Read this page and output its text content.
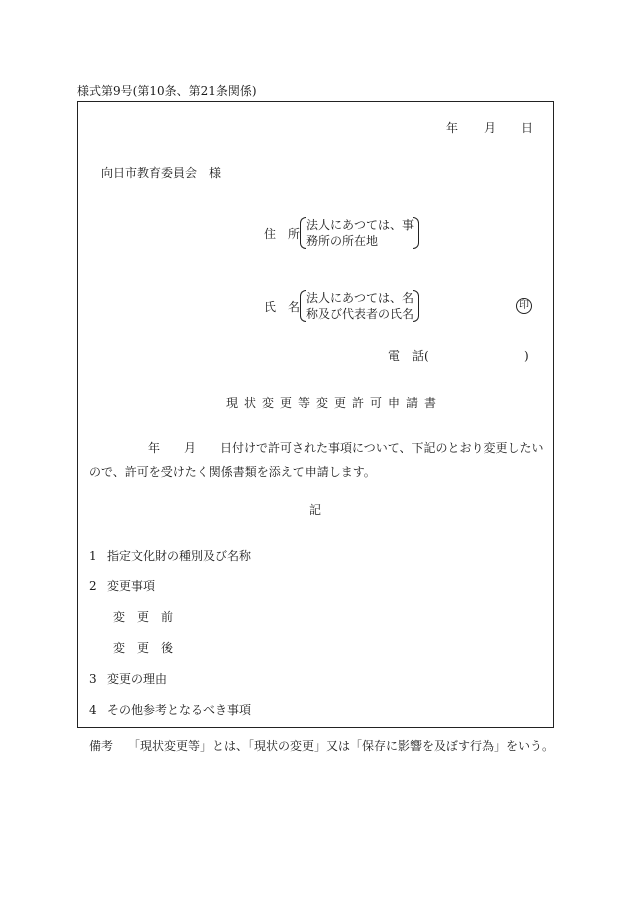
様式第9号(第10条、第21条関係)
年 月 日
向日市教育委員会　様
住 所
法人にあつては、事
務所の所在地
氏 名
法人にあつては、名
称及び代表者の氏名
印
電　話(	)
現状変更等変更許可申請書
年 月 日付けで許可された事項について、下記のとおり変更したい
ので、許可を受けたく関係書類を添えて申請します。
記
1 指定文化財の種別及び名称
2 変更事項
変　更　前
変　更　後
3 変更の理由
4 その他参考となるべき事項
備考 「現状変更等」とは、「現状の変更」又は「保存に影響を及ぼす行為」をいう。
